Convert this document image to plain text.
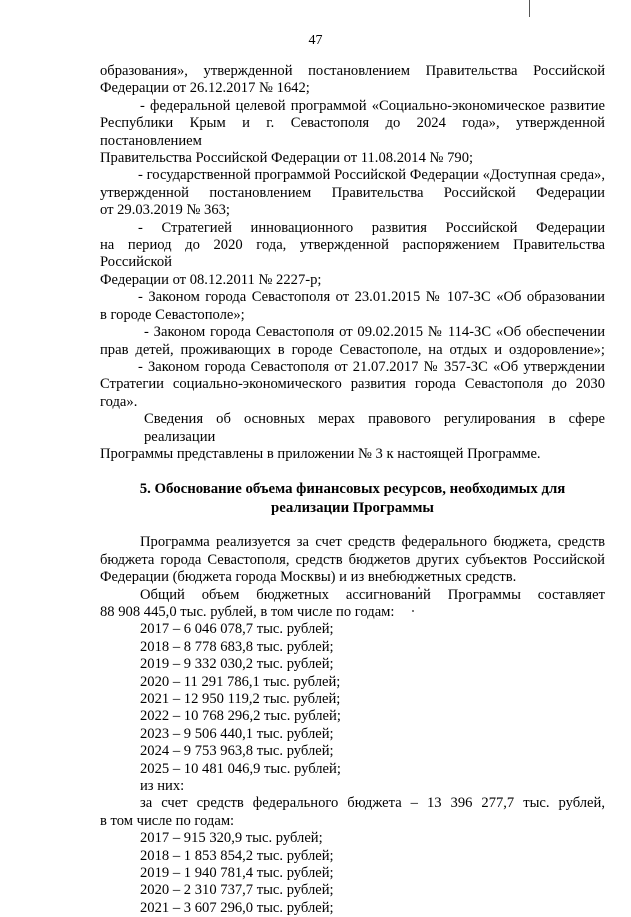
47

образования», утвержденной постановлением Правительства Российской

Федерации от 26.12.2017 № 1642;

- федеральной целевой программой «Социально-экономическое развитие

Республики Крым и г. Севастополя до 2024 года», утвержденной постановлением

Правительства Российской Федерации от 11.08.2014 № 790;

- государственной программой Российской Федерации «Доступная среда»,

утвержденной постановлением Правительства Российской Федерации

от 29.03.2019 № 363;

- Стратегией инновационного развития Российской Федерации

на период до 2020 года, утвержденной распоряжением Правительства Российской

Федерации от 08.12.2011 № 2227-р;

- Законом города Севастополя от 23.01.2015 № 107-ЗС «Об образовании

в городе Севастополе»;

- Законом города Севастополя от 09.02.2015 № 114-ЗС «Об обеспечении

прав детей, проживающих в городе Севастополе, на отдых и оздоровление»;

- Законом города Севастополя от 21.07.2017 № 357-ЗС «Об утверждении

Стратегии социально-экономического развития города Севастополя до 2030

года».

Сведения об основных мерах правового регулирования в сфере реализации

Программы представлены в приложении № 3 к настоящей Программе.

5. Обоснование объема финансовых ресурсов, необходимых для

реализации Программы

Программа реализуется за счет средств федерального бюджета, средств

бюджета города Севастополя, средств бюджетов других субъектов Российской

Федерации (бюджета города Москвы) и из внебюджетных средств.

Общий объем бюджетных ассигнований Программы составляет

88 908 445,0 тыс. рублей, в том числе по годам:

2017 – 6 046 078,7 тыс. рублей;

2018 – 8 778 683,8 тыс. рублей;

2019 – 9 332 030,2 тыс. рублей;

2020 – 11 291 786,1 тыс. рублей;

2021 – 12 950 119,2 тыс. рублей;

2022 – 10 768 296,2 тыс. рублей;

2023 – 9 506 440,1 тыс. рублей;

2024 – 9 753 963,8 тыс. рублей;

2025 – 10 481 046,9 тыс. рублей;

из них:

за счет средств федерального бюджета – 13 396 277,7 тыс. рублей,

в том числе по годам:

2017 – 915 320,9 тыс. рублей;

2018 – 1 853 854,2 тыс. рублей;

2019 – 1 940 781,4 тыс. рублей;

2020 – 2 310 737,7 тыс. рублей;

2021 – 3 607 296,0 тыс. рублей;
